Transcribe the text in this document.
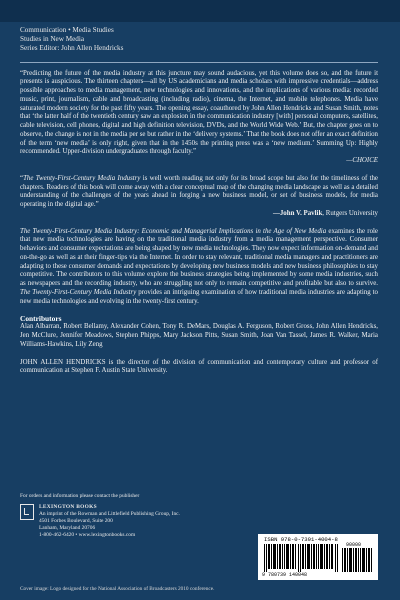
Communication • Media Studies
Studies in New Media
Series Editor: John Allen Hendricks

“Predicting the future of the media industry at this juncture may sound audacious, yet this volume does so, and the future it presents is auspicious. The thirteen chapters—all by US academicians and media scholars with impressive credentials—address possible approaches to media management, new technologies and innovations, and the implications of various media: recorded music, print, journalism, cable and broadcasting (including radio), cinema, the Internet, and mobile telephones. Media have saturated modern society for the past fifty years. The opening essay, coauthored by John Allen Hendricks and Susan Smith, notes that ‘the latter half of the twentieth century saw an explosion in the communication industry [with] personal computers, satellites, cable television, cell phones, digital and high definition television, DVDs, and the World Wide Web.’ But, the chapter goes on to observe, the change is not in the media per se but rather in the ‘delivery systems.’ That the book does not offer an exact definition of the term ‘new media’ is only right, given that in the 1450s the printing press was a ‘new medium.’ Summing Up: Highly recommended. Upper-division undergraduates through faculty.”

—CHOICE

“The Twenty-First-Century Media Industry is well worth reading not only for its broad scope but also for the timeliness of the chapters. Readers of this book will come away with a clear conceptual map of the changing media landscape as well as a detailed understanding of the challenges of the years ahead in forging a new business model, or set of business models, for media operating in the digital age.”

—John V. Pavlik, Rutgers University

The Twenty-First-Century Media Industry: Economic and Managerial Implications in the Age of New Media examines the role that new media technologies are having on the traditional media industry from a media management perspective. Consumer behaviors and consumer expectations are being shaped by new media technologies. They now expect information on-demand and on-the-go as well as at their finger-tips via the Internet. In order to stay relevant, traditional media managers and practitioners are adapting to these consumer demands and expectations by developing new business models and new business philosophies to stay competitive. The contributors to this volume explore the business strategies being implemented by some media industries, such as newspapers and the recording industry, who are struggling not only to remain competitive and profitable but also to survive. The Twenty-First-Century Media Industry provides an intriguing examination of how traditional media industries are adapting to new media technologies and evolving in the twenty-first century.

Contributors

Alan Albarran, Robert Bellamy, Alexander Cohen, Tony R. DeMars, Douglas A. Ferguson, Robert Gross, John Allen Hendricks, Jen McClure, Jennifer Meadows, Stephen Phipps, Mary Jackson Pitts, Susan Smith, Joan Van Tassel, James R. Walker, Maria Williams-Hawkins, Lily Zeng

JOHN ALLEN HENDRICKS is the director of the division of communication and contemporary culture and professor of communication at Stephen F. Austin State University.

For orders and information please contact the publisher
LEXINGTON BOOKS
An imprint of the Rowman and Littlefield Publishing Group, Inc.
4501 Forbes Boulevard, Suite 200
Lanham, Maryland 20706
1-800-462-6420 • www.lexingtonbooks.com
ISBN 978-0-7391-4004-8
90000
9 780739 140048
Cover image: Logo designed for the National Association of Broadcasters 2010 conference.
